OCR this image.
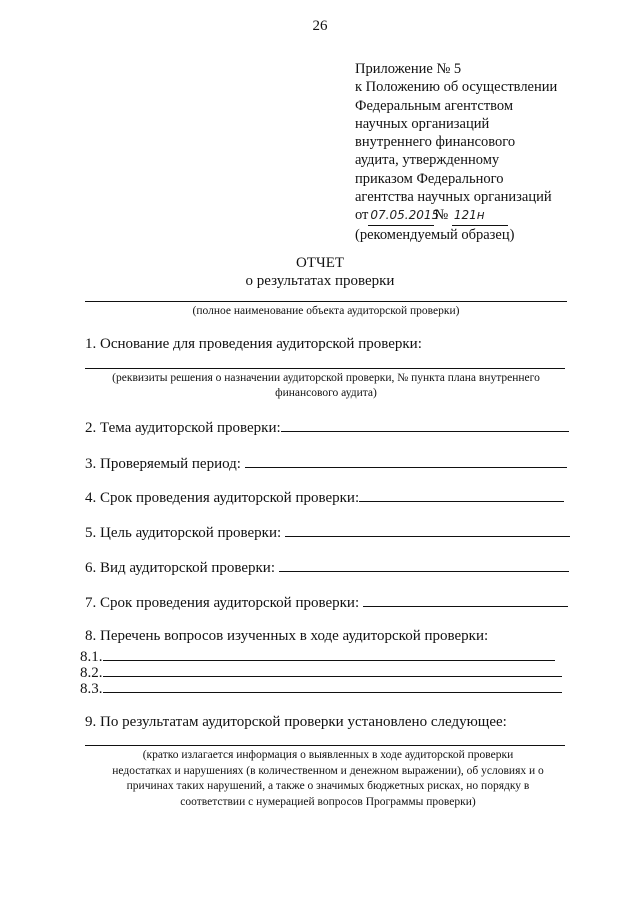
26
Приложение № 5
к Положению об осуществлении
Федеральным агентством
научных организаций
внутреннего финансового
аудита, утвержденному
приказом Федерального
агентства научных организаций
от 07.05.2015№ 121н
(рекомендуемый образец)
ОТЧЕТ
о результатах проверки
(полное наименование объекта аудиторской проверки)
1. Основание для проведения аудиторской проверки:
(реквизиты решения о назначении аудиторской проверки, № пункта плана внутреннего
финансового аудита)
2. Тема аудиторской проверки:
3. Проверяемый период:
4. Срок проведения аудиторской проверки:
5. Цель аудиторской проверки:
6. Вид аудиторской проверки:
7. Срок проведения аудиторской проверки:
8. Перечень вопросов изученных в ходе аудиторской проверки:
8.1.
8.2.
8.3.
9. По результатам аудиторской проверки установлено следующее:
(кратко излагается информация о выявленных в ходе аудиторской проверки
недостатках и нарушениях (в количественном и денежном выражении), об условиях и о
причинах таких нарушений, а также о значимых бюджетных рисках, но порядку в
соответствии с нумерацией вопросов Программы проверки)
